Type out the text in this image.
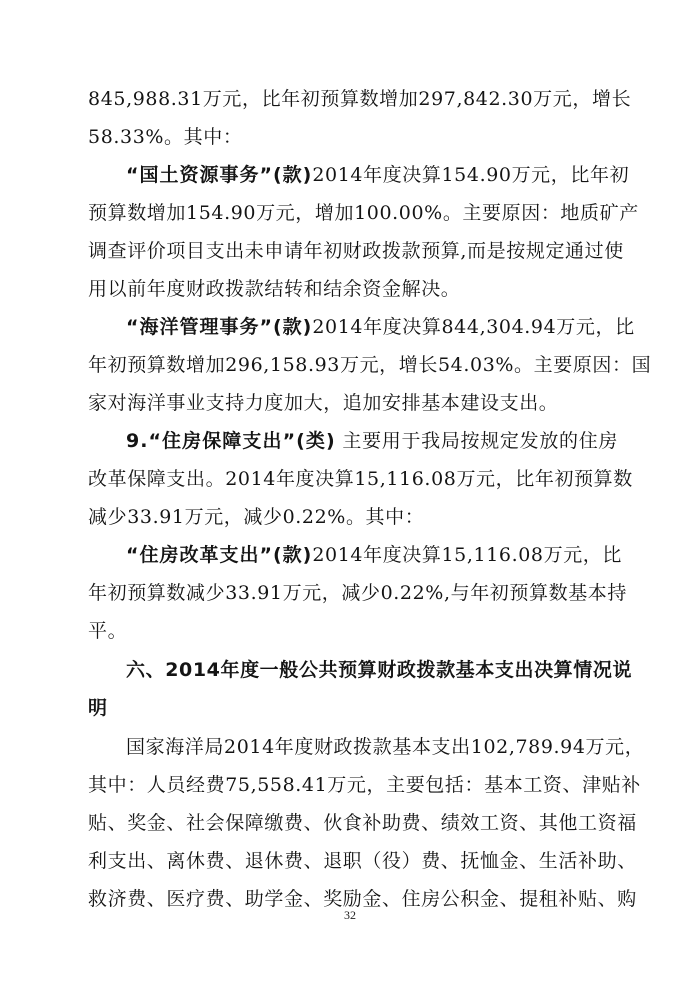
845,988.31万元，比年初预算数增加297,842.30万元，增长

58.33%。其中：

“国土资源事务”(款)2014年度决算154.90万元，比年初

预算数增加154.90万元，增加100.00%。主要原因：地质矿产

调查评价项目支出未申请年初财政拨款预算,而是按规定通过使

用以前年度财政拨款结转和结余资金解决。

“海洋管理事务”(款)2014年度决算844,304.94万元，比

年初预算数增加296,158.93万元，增长54.03%。主要原因：国

家对海洋事业支持力度加大，追加安排基本建设支出。

9.“住房保障支出”(类) 主要用于我局按规定发放的住房

改革保障支出。2014年度决算15,116.08万元，比年初预算数

减少33.91万元，减少0.22%。其中：

“住房改革支出”(款)2014年度决算15,116.08万元，比

年初预算数减少33.91万元，减少0.22%,与年初预算数基本持

平。

六、2014年度一般公共预算财政拨款基本支出决算情况说

明

国家海洋局2014年度财政拨款基本支出102,789.94万元，

其中：人员经费75,558.41万元，主要包括：基本工资、津贴补

贴、奖金、社会保障缴费、伙食补助费、绩效工资、其他工资福

利支出、离休费、退休费、退职（役）费、抚恤金、生活补助、

救济费、医疗费、助学金、奖励金、住房公积金、提租补贴、购

32
